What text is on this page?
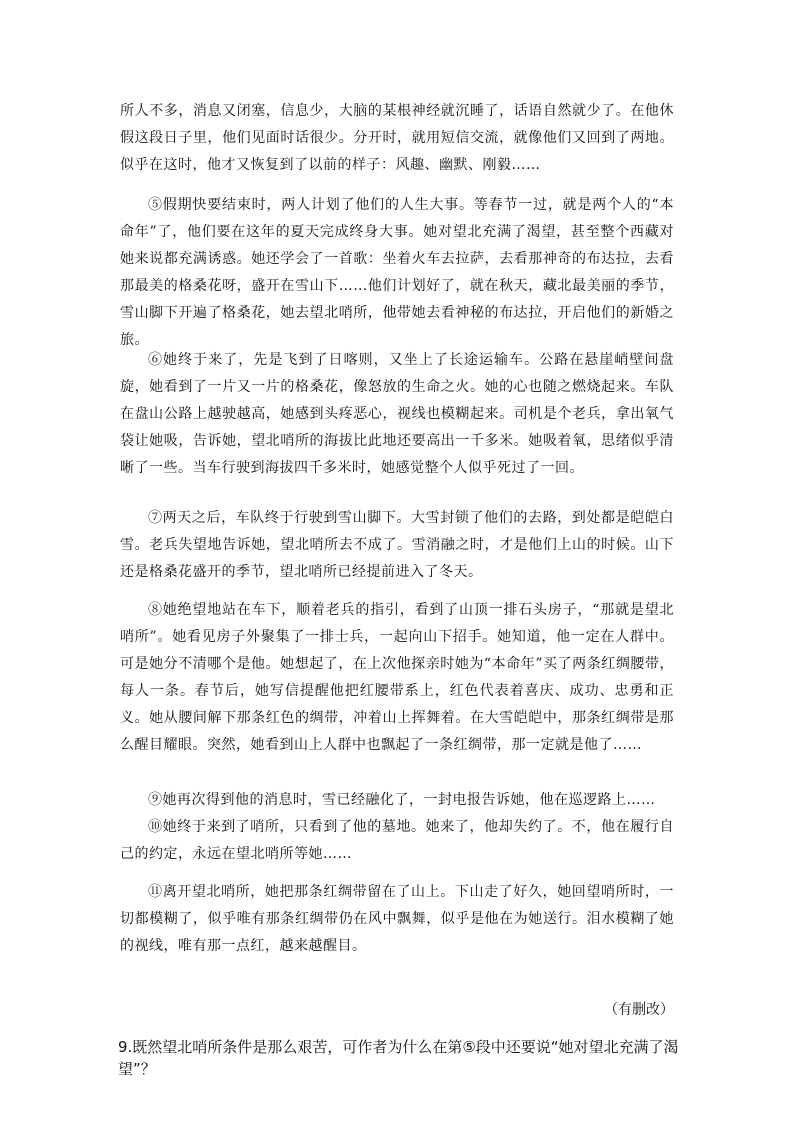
所人不多，消息又闭塞，信息少，大脑的某根神经就沉睡了，话语自然就少了。在他休假这段日子里，他们见面时话很少。分开时，就用短信交流，就像他们又回到了两地。似乎在这时，他才又恢复到了以前的样子：风趣、幽默、刚毅……

⑤假期快要结束时，两人计划了他们的人生大事。等春节一过，就是两个人的“本命年”了，他们要在这年的夏天完成终身大事。她对望北充满了渴望，甚至整个西藏对她来说都充满诱惑。她还学会了一首歌：坐着火车去拉萨，去看那神奇的布达拉，去看那最美的格桑花呀，盛开在雪山下……他们计划好了，就在秋天，藏北最美丽的季节，雪山脚下开遍了格桑花，她去望北哨所，他带她去看神秘的布达拉，开启他们的新婚之旅。

⑥她终于来了，先是飞到了日喀则，又坐上了长途运输车。公路在悬崖峭壁间盘旋，她看到了一片又一片的格桑花，像怒放的生命之火。她的心也随之燃烧起来。车队在盘山公路上越驶越高，她感到头疼恶心，视线也模糊起来。司机是个老兵，拿出氧气袋让她吸，告诉她，望北哨所的海拔比此地还要高出一千多米。她吸着氧，思绪似乎清晰了一些。当车行驶到海拔四千多米时，她感觉整个人似乎死过了一回。

⑦两天之后，车队终于行驶到雪山脚下。大雪封锁了他们的去路，到处都是皑皑白雪。老兵失望地告诉她，望北哨所去不成了。雪消融之时，才是他们上山的时候。山下还是格桑花盛开的季节，望北哨所已经提前进入了冬天。

⑧她绝望地站在车下，顺着老兵的指引，看到了山顶一排石头房子，“那就是望北哨所”。她看见房子外聚集了一排士兵，一起向山下招手。她知道，他一定在人群中。可是她分不清哪个是他。她想起了，在上次他探亲时她为“本命年”买了两条红绸腰带，每人一条。春节后，她写信提醒他把红腰带系上，红色代表着喜庆、成功、忠勇和正义。她从腰间解下那条红色的绸带，冲着山上挥舞着。在大雪皑皑中，那条红绸带是那么醒目耀眼。突然，她看到山上人群中也飘起了一条红绸带，那一定就是他了……

⑨她再次得到他的消息时，雪已经融化了，一封电报告诉她，他在巡逻路上……

⑩她终于来到了哨所，只看到了他的墓地。她来了，他却失约了。不，他在履行自己的约定，永远在望北哨所等她……

⑪离开望北哨所，她把那条红绸带留在了山上。下山走了好久，她回望哨所时，一切都模糊了，似乎唯有那条红绸带仍在风中飘舞，似乎是他在为她送行。泪水模糊了她的视线，唯有那一点红，越来越醒目。

（有删改）
9.既然望北哨所条件是那么艰苦，可作者为什么在第⑤段中还要说“她对望北充满了渴望”？
